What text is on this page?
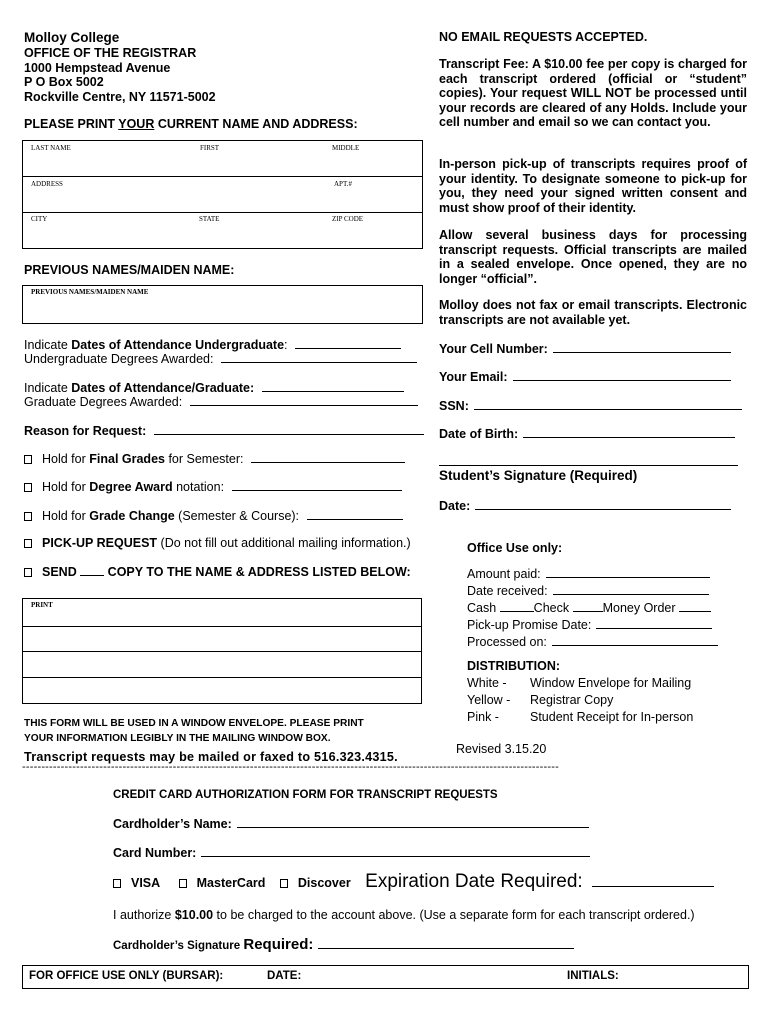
Molloy College
OFFICE OF THE REGISTRAR
1000 Hempstead Avenue
P O Box 5002
Rockville Centre, NY 11571-5002
PLEASE PRINT YOUR CURRENT NAME AND ADDRESS:
LAST NAME	FIRST	MIDDLE
ADDRESS	APT.#
CITY	STATE	ZIP CODE
PREVIOUS NAMES/MAIDEN NAME:
PREVIOUS NAMES/MAIDEN NAME
Indicate Dates of Attendance Undergraduate:
Undergraduate Degrees Awarded:
Indicate Dates of Attendance/Graduate:
Graduate Degrees Awarded:
Reason for Request:
Hold for Final Grades for Semester:
Hold for Degree Award notation:
Hold for Grade Change (Semester & Course):
PICK-UP REQUEST (Do not fill out additional mailing information.)
SEND  COPY TO THE NAME & ADDRESS LISTED BELOW:
PRINT
THIS FORM WILL BE USED IN A WINDOW ENVELOPE. PLEASE PRINT
YOUR INFORMATION LEGIBLY IN THE MAILING WINDOW BOX.
Transcript requests may be mailed or faxed to 516.323.4315.
NO EMAIL REQUESTS ACCEPTED.
Transcript Fee: A $10.00 fee per copy is charged for each transcript ordered (official or “student” copies). Your request WILL NOT be processed until your records are cleared of any Holds. Include your cell number and email so we can contact you.
In-person pick-up of transcripts requires proof of your identity. To designate someone to pick-up for you, they need your signed written consent and must show proof of their identity.
Allow several business days for processing transcript requests. Official transcripts are mailed in a sealed envelope. Once opened, they are no longer “official”.
Molloy does not fax or email transcripts. Electronic transcripts are not available yet.
Your Cell Number:
Your Email:
SSN:
Date of Birth:
Student’s Signature (Required)
Date:
Office Use only:
Amount paid:
Date received:
Cash	Check	Money Order
Pick-up Promise Date:
Processed on:
DISTRIBUTION:
White - Window Envelope for Mailing
Yellow - Registrar Copy
Pink - Student Receipt for In-person
Revised 3.15.20
-------------------------------------------------------------------------------------------------------------------------------------------
CREDIT CARD AUTHORIZATION FORM FOR TRANSCRIPT REQUESTS
Cardholder’s Name:
Card Number:
VISA	MasterCard	Discover Expiration Date Required:
I authorize $10.00 to be charged to the account above. (Use a separate form for each transcript ordered.)
Cardholder’s Signature Required:
FOR OFFICE USE ONLY (BURSAR):	DATE:	INITIALS:
